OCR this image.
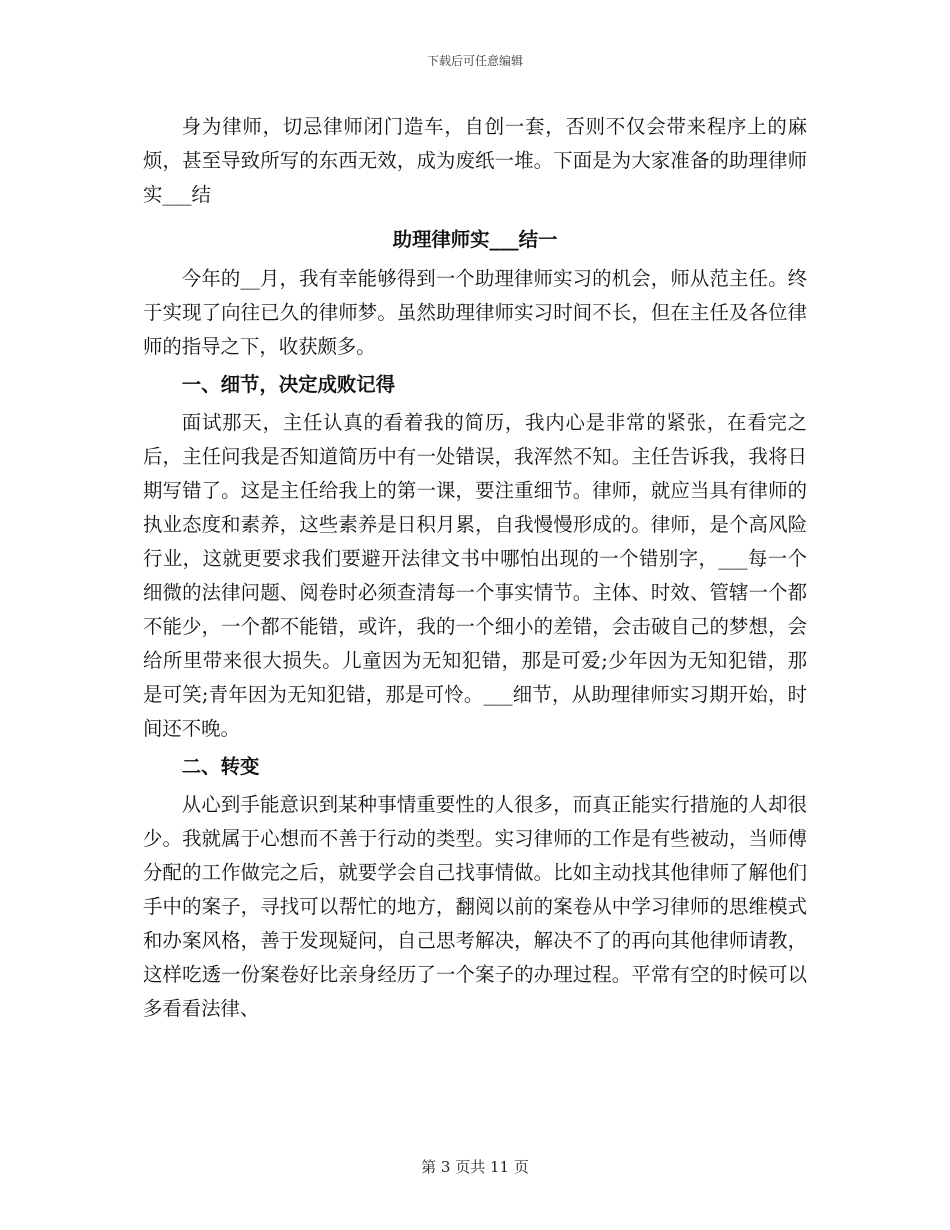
下载后可任意编辑

身为律师，切忌律师闭门造车，自创一套，否则不仅会带来程序上的麻烦，甚至导致所写的东西无效，成为废纸一堆。下面是为大家准备的助理律师实___结

助理律师实___结一

今年的__月，我有幸能够得到一个助理律师实习的机会，师从范主任。终于实现了向往已久的律师梦。虽然助理律师实习时间不长，但在主任及各位律师的指导之下，收获颇多。

一、细节，决定成败记得

面试那天，主任认真的看着我的简历，我内心是非常的紧张，在看完之后，主任问我是否知道简历中有一处错误，我浑然不知。主任告诉我，我将日期写错了。这是主任给我上的第一课，要注重细节。律师，就应当具有律师的执业态度和素养，这些素养是日积月累，自我慢慢形成的。律师，是个高风险行业，这就更要求我们要避开法律文书中哪怕出现的一个错别字，___每一个细微的法律问题、阅卷时必须查清每一个事实情节。主体、时效、管辖一个都不能少，一个都不能错，或许，我的一个细小的差错，会击破自己的梦想，会给所里带来很大损失。儿童因为无知犯错，那是可爱;少年因为无知犯错，那是可笑;青年因为无知犯错，那是可怜。___细节，从助理律师实习期开始，时间还不晚。

二、转变

从心到手能意识到某种事情重要性的人很多，而真正能实行措施的人却很少。我就属于心想而不善于行动的类型。实习律师的工作是有些被动，当师傅分配的工作做完之后，就要学会自己找事情做。比如主动找其他律师了解他们手中的案子，寻找可以帮忙的地方，翻阅以前的案卷从中学习律师的思维模式和办案风格，善于发现疑问，自己思考解决，解决不了的再向其他律师请教，这样吃透一份案卷好比亲身经历了一个案子的办理过程。平常有空的时候可以多看看法律、

第 3 页共 11 页
